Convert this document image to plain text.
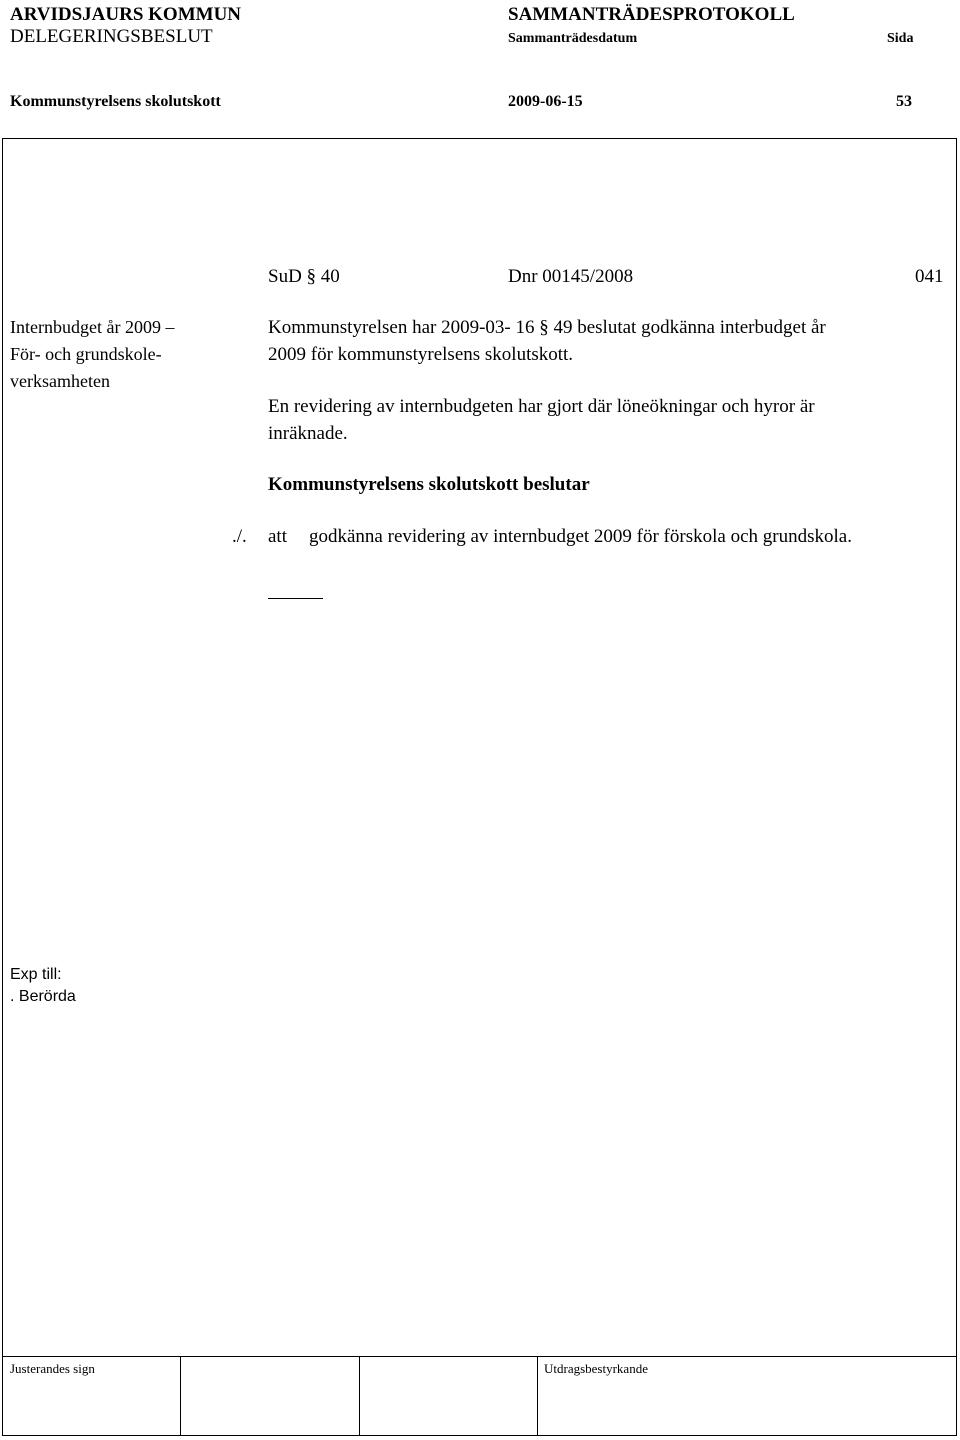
ARVIDSJAURS KOMMUN
DELEGERINGSBESLUT
SAMMANTRÄDESPROTOKOLL
Sammanträdesdatum	Sida
Kommunstyrelsens skolutskott	2009-06-15	53
SuD § 40	Dnr 00145/2008	041
Internbudget år 2009 –
För- och grundskole-
verksamheten
Kommunstyrelsen har 2009-03- 16 § 49 beslutat godkänna interbudget år
2009 för kommunstyrelsens skolutskott.
En revidering av internbudgeten har gjort där löneökningar och hyror är
inräknade.
Kommunstyrelsens skolutskott beslutar
./. att godkänna revidering av internbudget 2009 för förskola och grundskola.
Exp till:
. Berörda
Justerandes sign	Utdragsbestyrkande
